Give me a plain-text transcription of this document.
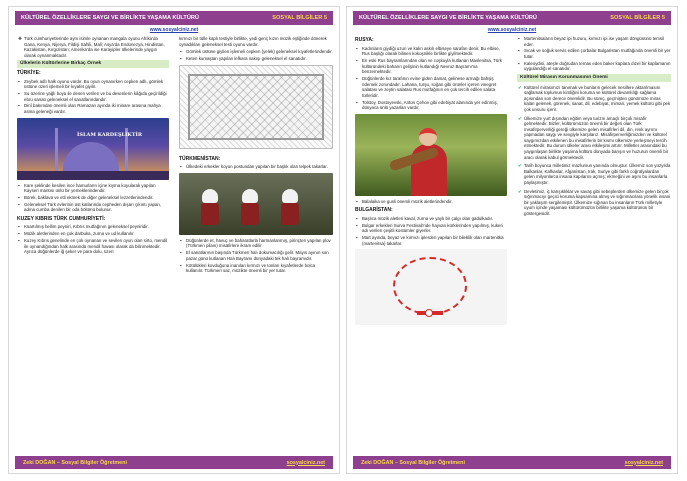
KÜLTÜREL ÖZELLİKLERE SAYGI VE BİRLİKTE YAŞAMA KÜLTÜRÜ	SOSYAL BİLGİLER 5
www.sosyalciniz.net
❖ Türk cumhuriyetlerinde aynı isimle oynanan mangala oyunu Afrika'da Gana, Kenya, Nijerya, Fildişi Sahili, Mali; Asya'da Endonezya, Hindistan, Kazakistan, Kırgızistan; Amerika'da ise Karayipler ülkelerinde yaygın olarak oynanmaktadır.
Ülkelerin Kültürlerine Birkaç Örnek
TÜRKİYE:
▪ Zeybek adlı halk oyunu vardır. Bu oyun oynanırken cepken adlı, gömlek üstüne üzeri işlemeli bir kıyafet giyilir.
▪ Su üzerine yağlı boya ile desen verilen ve bu desenlerin kâğıda geçirildiği ebru sanatı geleneksel el sanatlarındandır.
▪ Dinî bakımdan önemli olan Ramazan ayında iki minare arasına mahya asma geleneği vardır.
İSLAM KARDEŞLİKTİR
▪ Kare şeklinde kesilen ince hamurların içine kıyma koyularak yapılan Kayseri mantısı ünlü bir yemeklerindendir.
▪ Börek, baklava ve etli ekmek de diğer geleneksel lezzetlerindendir.
▪ Geleneksel Türk evlerinin üst katlarında cepheden dışarı çıkıntı yapan, adına cumba denilen bir oda bölümü bulunur.
KUZEY KIBRIS TÜRK CUMHURİYETİ:
▪ Küartılmış hellim peyniri, Kıbrıs mutfağının geleneksel peyniridir.
▪ Müzik aletlerinden en çok darbuka, zurna ve ud kullanılır.
▪ Kuzey Kıbrıs genelinde en çok oynanan ve sevilen oyun olan sirto, mendil ile oynandığından halk arasında mendil havası olarak da bilinmektedir. Ayrıca düğünlerde iğ şeker ve para dolu, üzeri
kırmızı bir tülle kaplı testiyle birlikte, yedi genç kızın müzik eşliğinde dönerek oynadıkları geleneksel testi oyunu vardır.
▪ Gömlek üstüne giyilen işlemeli cepken (yelek) geleneksel kıyafetlerindendir.
▪ Keten kumaştan yapılan lefkara nakışı geleneksel el sanatıdır.
TÜRKMENİSTAN:
▪ Ülkedeki erkekler koyun postundan yapılan bir başlık olan telpek takarlar.
▪ Düğünlerde et, havuç ve baharatlarla harmanlanmış, pirinçten yapılan plov (Türkmen pilavı) misafirlere ikram edilir.
▪ El sanatlarının başında Türkmen halı dokumacılığı gelir. Mayıs ayının son pazar günü kutlanan Halı Bayramı dünyadaki tek halı bayramıdır.
▪ Kötülükleri kovduğuna inanılan kırmızı ve tonları kıyafetlerde bolca kullanılır. Türkmen saz, müzikte önemli bir yer tutar.
Zeki DOĞAN – Sosyal Bilgiler Öğretmeni	sosyalciniz.net
KÜLTÜREL ÖZELLİKLERE SAYGI VE BİRLİKTE YAŞAMA KÜLTÜRÜ	SOSYAL BİLGİLER 5
www.sosyalciniz.net
RUSYA:
▪ Kadınların giydiği uzun ve kalın askılı elbiseye sarafan denir. Bu elbise, Rus başlığı olarak bilinen kokoşnikle birlikte giyilmektedir.
▪ En eski Rus bayramlarından olan ve coşkuyla kutlanan Maslenitsa, Türk kültüründeki baharın gelişinin kutlandığı Nevruz Bayramı'na benzemektedir.
▪ Düğünlerde kız tarafının evine giden damat, gelinese armağı bahşiş ödemek zorundadır. Lahana, turşu, soğan gibi ürünler içeren vinegret salatası ve zeytin salatası Rus mutfağının en çok tercih edilen salata türleridir.
▪ Tolstoy, Dostoyevski, Anton Çehov gibi edebiyat alanında yer edinmiş, dünyaca ünlü yazarları vardır.
▪ Balalaika ve gusli önemli müzik aletlerindendir.
BULGARİSTAN:
▪ Başlıca müzik aletleri kaval, zurna ve yaylı bir çalgı olan gadulkadır.
▪ Bulgar erkekleri Surva Festivali'nde hayvan kürklerinden yapılmış, kukeri adı verilen çeşitli kostümler giyerler.
▪ Mart ayında, beyaz ve kırmızı iplerden yapılan bir bileklik olan martenitka (martenitsa) takarlar.
▪ Martenitsaların beyaz ipi huzuru, kırmızı ipi ise yaşam döngüsünü temsil eder.
▪ Sıcak ve soğuk servis edilen çorbalar Bulgaristan mutfağında önemli bir yer tutar.
▪ Kaleoydisi, ateşle doğrudan temas eden baker kaplara dızel bir kaplamanın uygulandığı el sanatıdır.
Kültürel Mirasın Korunmasının Önemi
✔ Kültürel mirasımızı tanımak ve bunların gelecek nesillere aktarılmasını sağlamak toplumun kimliğini koruma ve kültürel devamlılığı sağlama açısından son derece önemlidir. Bu süreç, geçmişten günümüze miras kalan gelenek, görenek, sanat, dil, edebiyat, mimari, yemek kültürü gibi pek çok unsuru içerir.
✔ Ülkemize yurt dışından eğitim veya turizm amaçlı birçok misafir gelmektedir. Bizler, kültürümüzün önemli bir değeri olan Türk misafirperverliği gereği ülkemize gelen misafirleri dil, din, renk ayrımı yapmadan saygı ve sevgiyle karşılarız. Misafirperverliğimizden ve kültürel saygımızdan etkilenen bu misafirlerin bir kısmı ülkemize yerleşmeyi tercih etmektedir. Bu durum ülkeler arası etkileşimi artırır. Milletler arasındaki bu yaygınlaşan birlikte yaşama kültürü dünyada barışın ve huzurun önemli bir aracı olarak kabul görmektedir.
✔ Tarih boyunca milletimiz mazlumun yanında olmuştur. Ülkemiz son yüzyılda Balkanlar, Kafkaslar, Afganistan, Irak, Suriye gibi farklı coğrafyalardan gelen milyonlarca insana kapılarını açmış; ekmeğini ve aşını bu insanlarla paylaşmıştır.
✔ Devletimiz, iç karışıklıklar ve savaş gibi sebeplerden ülkemize gelen birçok sığınmacıyı geçici koruma kapsamına almış ve sığınmacılara yönelik insani bir yaklaşım sergilemiştir. Ülkemize sığınan bu insanların Türk milletiyle uyum içinde yaşaması kültürümüzün birlikte yaşama kültürünün bir göstergesidir.
Zeki DOĞAN – Sosyal Bilgiler Öğretmeni	sosyalciniz.net
